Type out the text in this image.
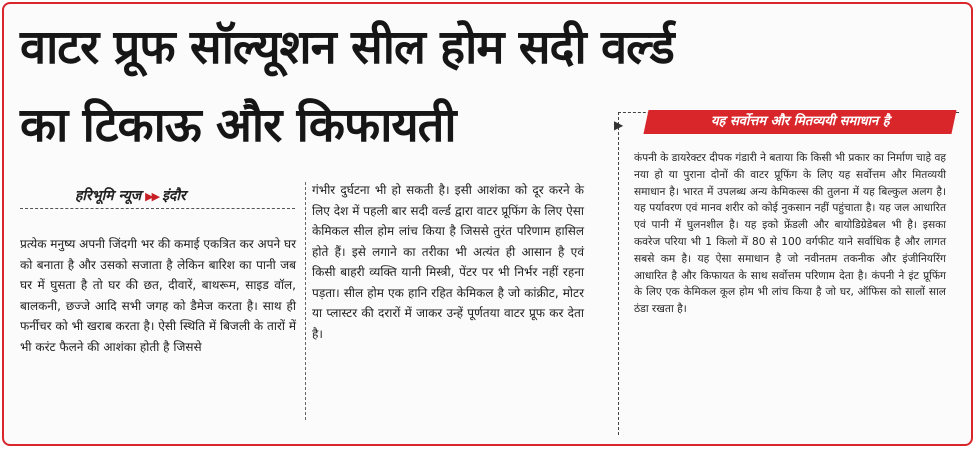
वाटर प्रूफ सॉल्यूशन सील होम सदी वर्ल्ड
का टिकाऊ और किफायती
हरिभूमि न्यूज ▶▶ इंदौर

प्रत्येक मनुष्य अपनी जिंदगी भर की कमाई एकत्रित कर अपने घर को बनाता है और उसको सजाता है लेकिन बारिश का पानी जब घर में घुसता है तो घर की छत, दीवारें, बाथरूम, साइड वॉल, बालकनी, छज्जे आदि सभी जगह को डैमेज करता है। साथ ही फर्नीचर को भी खराब करता है। ऐसी स्थिति में बिजली के तारों में भी करंट फैलने की आशंका होती है जिससे

गंभीर दुर्घटना भी हो सकती है। इसी आशंका को दूर करने के लिए देश में पहली बार सदी वर्ल्ड द्वारा वाटर प्रूफिंग के लिए ऐसा केमिकल सील होम लांच किया है जिससे तुरंत परिणाम हासिल होते हैं। इसे लगाने का तरीका भी अत्यंत ही आसान है एवं किसी बाहरी व्यक्ति यानी मिस्त्री, पेंटर पर भी निर्भर नहीं रहना पड़ता। सील होम एक हानि रहित केमिकल है जो कांक्रीट, मोटर या प्लास्टर की दरारों में जाकर उन्हें पूर्णतया वाटर प्रूफ कर देता है।

▶	यह सर्वोत्तम और मितव्ययी समाधान है

कंपनी के डायरेक्टर दीपक गंडारी ने बताया कि किसी भी प्रकार का निर्माण चाहे वह नया हो या पुराना दोनों की वाटर प्रूफिंग के लिए यह सर्वोत्तम और मितव्ययी समाधान है। भारत में उपलब्ध अन्य केमिकल्स की तुलना में यह बिल्कुल अलग है। यह पर्यावरण एवं मानव शरीर को कोई नुकसान नहीं पहुंचाता है। यह जल आधारित एवं पानी में घुलनशील है। यह इको फ्रेंडली और बायोडिग्रेडेबल भी है। इसका कवरेज परिया भी 1 किलो में 80 से 100 वर्गफीट याने सर्वाधिक है और लागत सबसे कम है। यह ऐसा समाधान है जो नवीनतम तकनीक और इंजीनियरिंग आधारित है और किफायत के साथ सर्वोत्तम परिणाम देता है। कंपनी ने इंट प्रूफिंग के लिए एक केमिकल कूल होम भी लांच किया है जो घर, ऑफिस को सालों साल ठंडा रखता है।
